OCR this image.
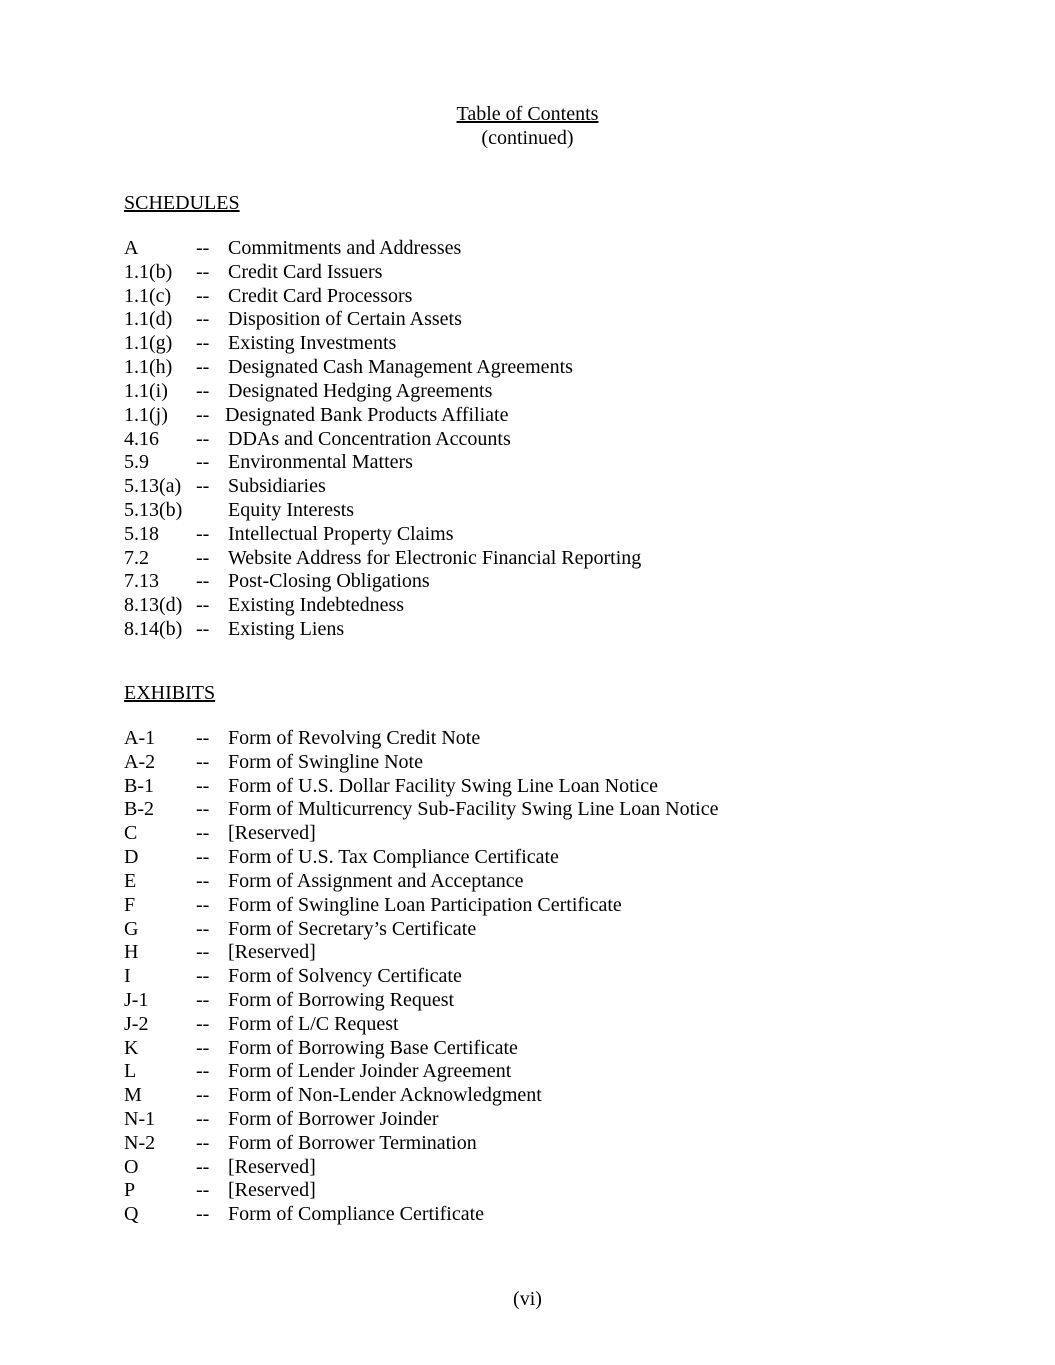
Table of Contents
(continued)
SCHEDULES
A	-- Commitments and Addresses
1.1(b) -- Credit Card Issuers
1.1(c) -- Credit Card Processors
1.1(d) -- Disposition of Certain Assets
1.1(g) -- Existing Investments
1.1(h) -- Designated Cash Management Agreements
1.1(i) -- Designated Hedging Agreements
1.1(j) -- Designated Bank Products Affiliate
4.16 -- DDAs and Concentration Accounts
5.9 -- Environmental Matters
5.13(a) -- Subsidiaries
5.13(b) Equity Interests
5.18 -- Intellectual Property Claims
7.2 -- Website Address for Electronic Financial Reporting
7.13 -- Post-Closing Obligations
8.13(d) -- Existing Indebtedness
8.14(b) -- Existing Liens
EXHIBITS
A-1 -- Form of Revolving Credit Note
A-2 -- Form of Swingline Note
B-1 -- Form of U.S. Dollar Facility Swing Line Loan Notice
B-2 -- Form of Multicurrency Sub-Facility Swing Line Loan Notice
C	-- [Reserved]
D	-- Form of U.S. Tax Compliance Certificate
E	-- Form of Assignment and Acceptance
F	-- Form of Swingline Loan Participation Certificate
G	-- Form of Secretary’s Certificate
H	-- [Reserved]
I	-- Form of Solvency Certificate
J-1 -- Form of Borrowing Request
J-2 -- Form of L/C Request
K	-- Form of Borrowing Base Certificate
L	-- Form of Lender Joinder Agreement
M	-- Form of Non-Lender Acknowledgment
N-1 -- Form of Borrower Joinder
N-2 -- Form of Borrower Termination
O	-- [Reserved]
P	-- [Reserved]
Q	-- Form of Compliance Certificate
(vi)
